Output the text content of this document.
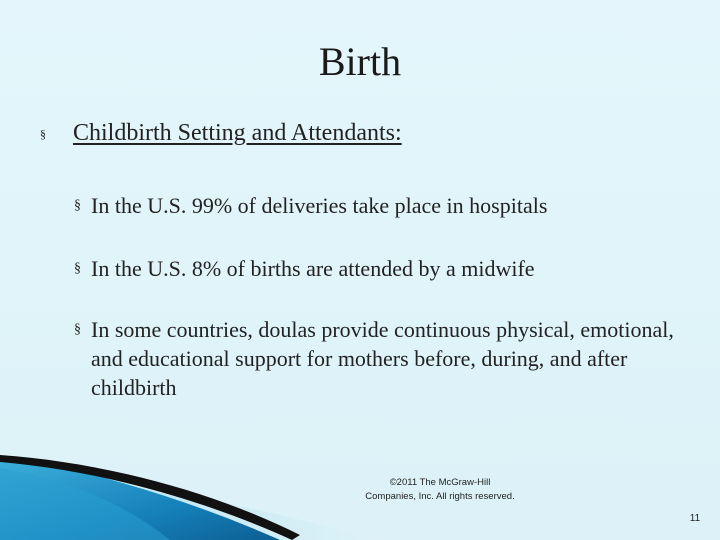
Birth
§ Childbirth Setting and Attendants:
§ In the U.S. 99% of deliveries take place in hospitals
§ In the U.S. 8% of births are attended by a midwife
§ In some countries, doulas provide continuous physical, emotional, and educational support for mothers before, during, and after childbirth
©2011 The McGraw-Hill
Companies, Inc. All rights reserved.
11
